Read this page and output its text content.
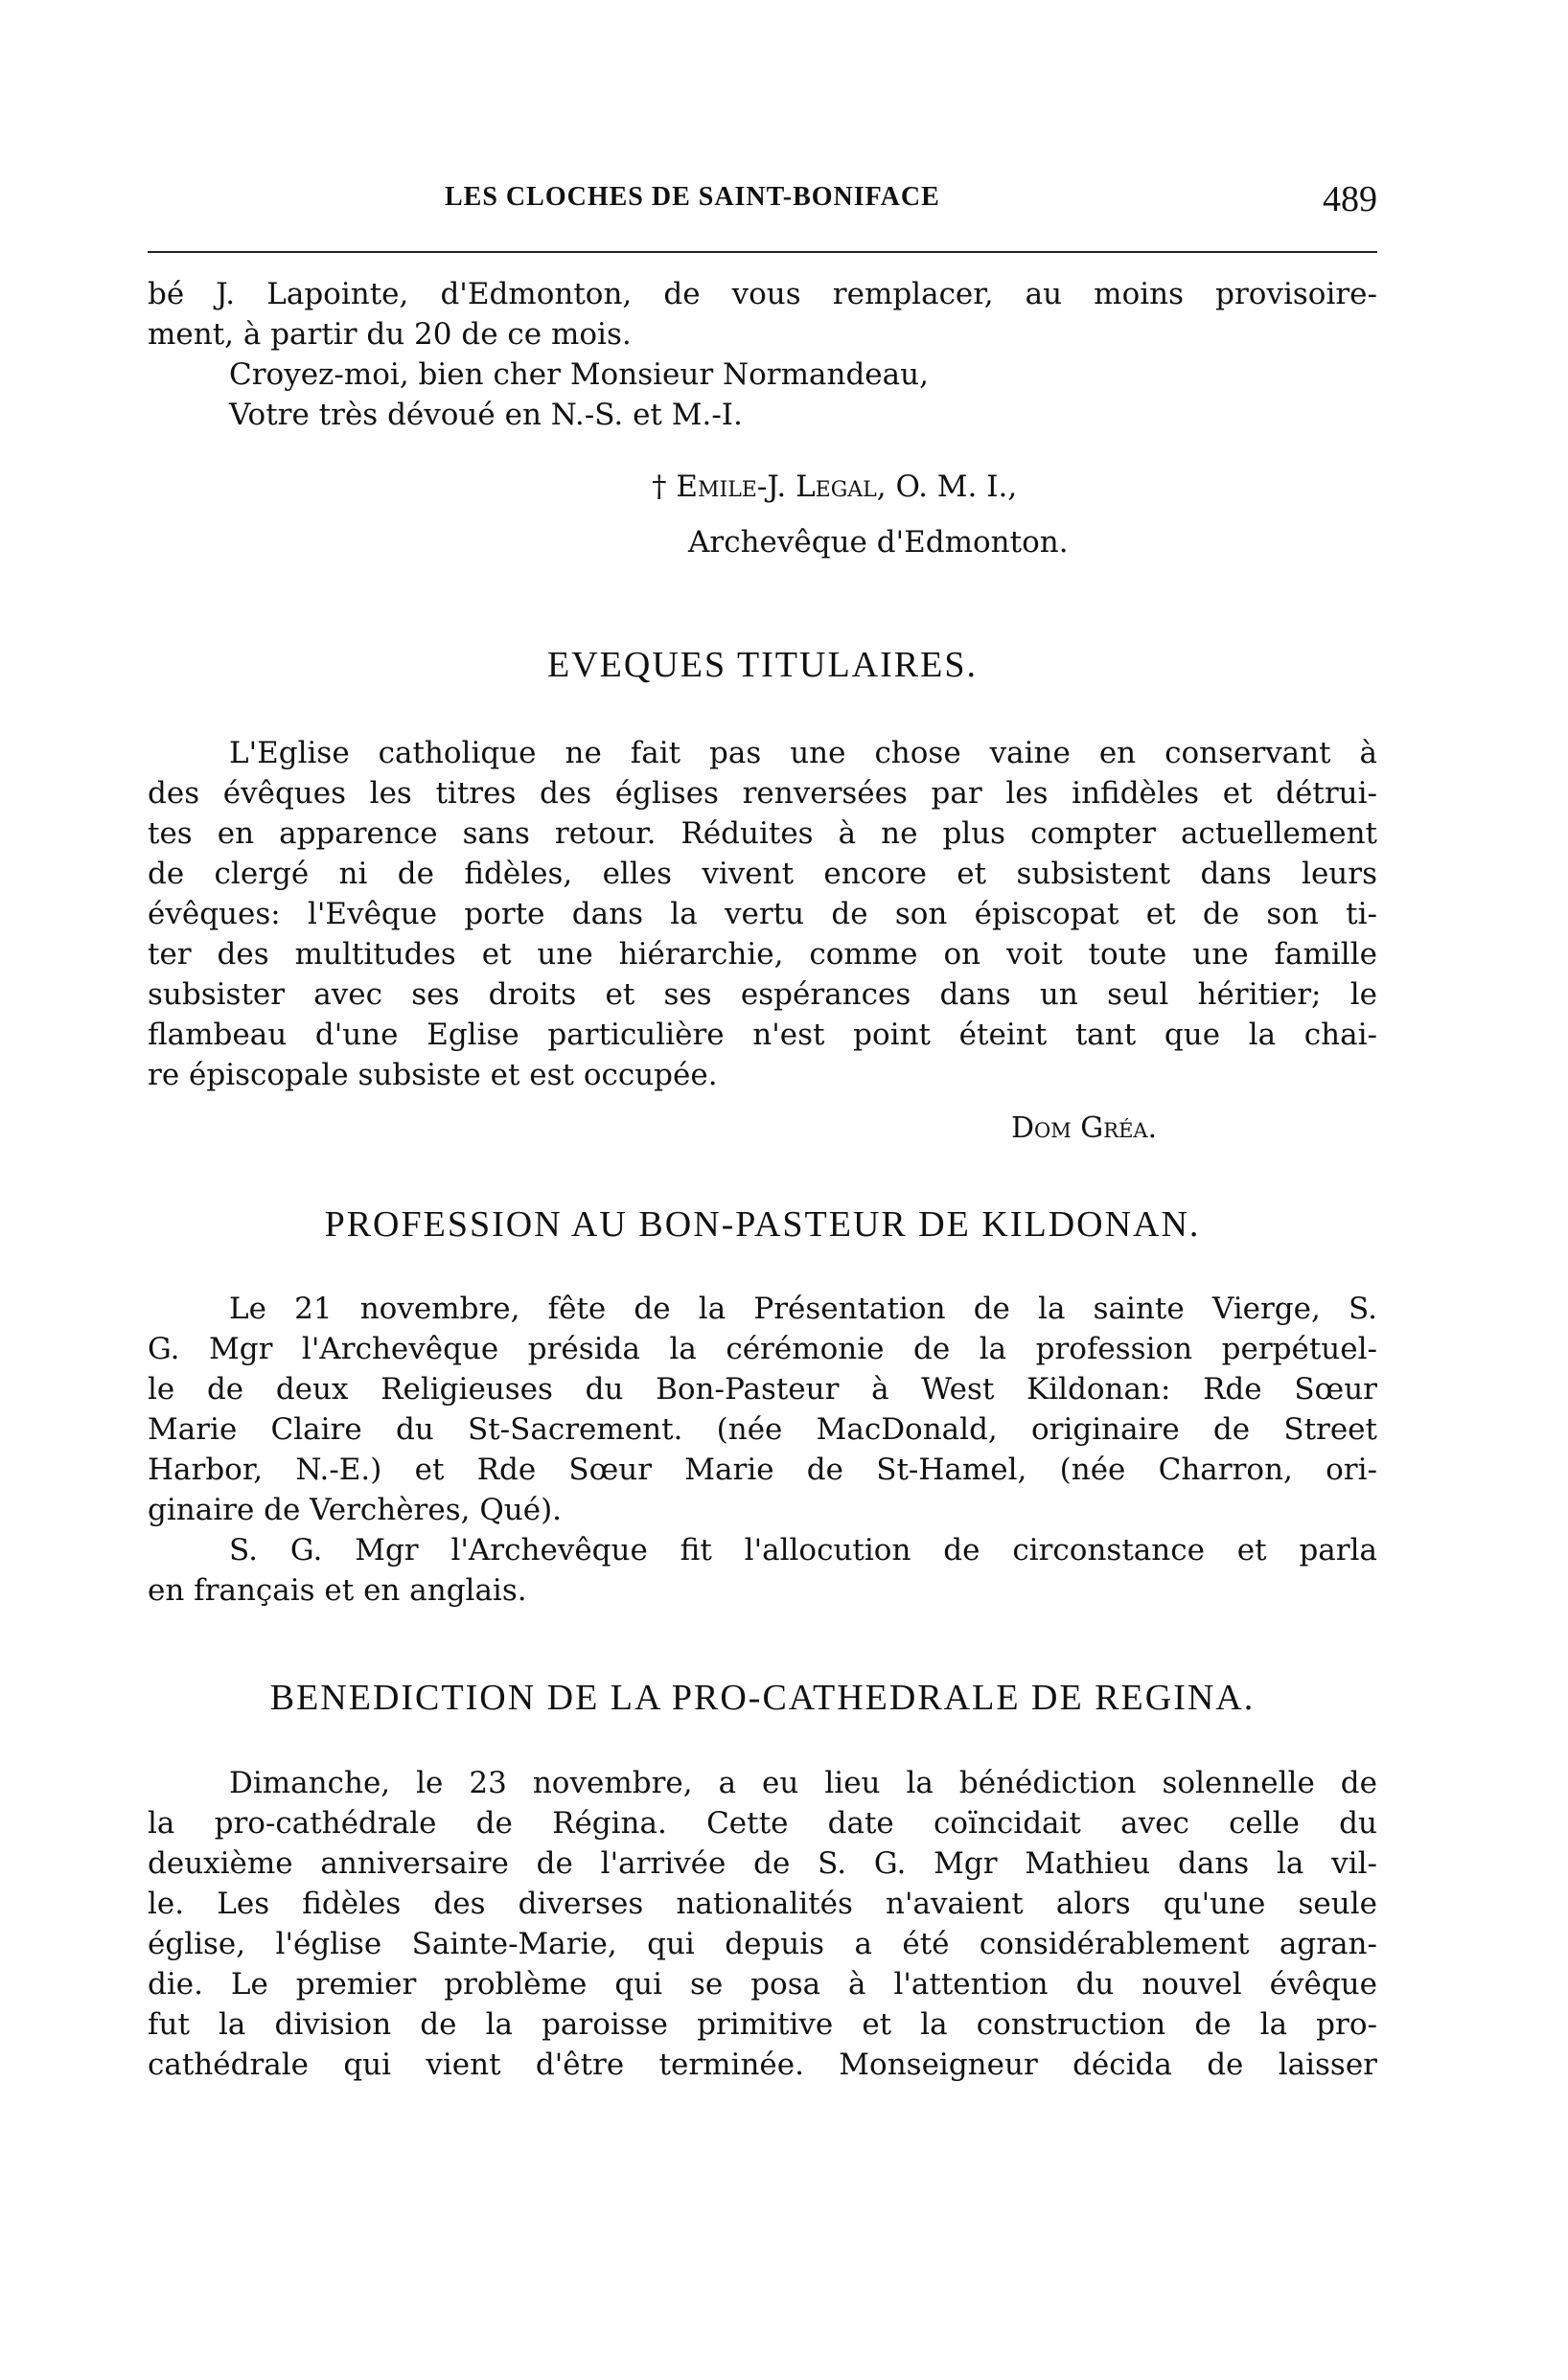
LES CLOCHES DE SAINT-BONIFACE	489
bé J. Lapointe, d'Edmonton, de vous remplacer, au moins provisoire-
ment, à partir du 20 de ce mois.
Croyez-moi, bien cher Monsieur Normandeau,
Votre très dévoué en N.-S. et M.-I.
† Emile-J. Legal, O. M. I.,
Archevêque d'Edmonton.
EVEQUES TITULAIRES.
L'Eglise catholique ne fait pas une chose vaine en conservant à
des évêques les titres des églises renversées par les infidèles et détrui-
tes en apparence sans retour. Réduites à ne plus compter actuellement
de clergé ni de fidèles, elles vivent encore et subsistent dans leurs
évêques: l'Evêque porte dans la vertu de son épiscopat et de son ti-
ter des multitudes et une hiérarchie, comme on voit toute une famille
subsister avec ses droits et ses espérances dans un seul héritier; le
flambeau d'une Eglise particulière n'est point éteint tant que la chai-
re épiscopale subsiste et est occupée.
Dom Gréa.
PROFESSION AU BON-PASTEUR DE KILDONAN.
Le 21 novembre, fête de la Présentation de la sainte Vierge, S.
G. Mgr l'Archevêque présida la cérémonie de la profession perpétuel-
le de deux Religieuses du Bon-Pasteur à West Kildonan: Rde Sœur
Marie Claire du St-Sacrement. (née MacDonald, originaire de Street
Harbor, N.-E.) et Rde Sœur Marie de St-Hamel, (née Charron, ori-
ginaire de Verchères, Qué).
S. G. Mgr l'Archevêque fit l'allocution de circonstance et parla
en français et en anglais.
BENEDICTION DE LA PRO-CATHEDRALE DE REGINA.
Dimanche, le 23 novembre, a eu lieu la bénédiction solennelle de
la pro-cathédrale de Régina. Cette date coïncidait avec celle du
deuxième anniversaire de l'arrivée de S. G. Mgr Mathieu dans la vil-
le. Les fidèles des diverses nationalités n'avaient alors qu'une seule
église, l'église Sainte-Marie, qui depuis a été considérablement agran-
die. Le premier problème qui se posa à l'attention du nouvel évêque
fut la division de la paroisse primitive et la construction de la pro-
cathédrale qui vient d'être terminée. Monseigneur décida de laisser
